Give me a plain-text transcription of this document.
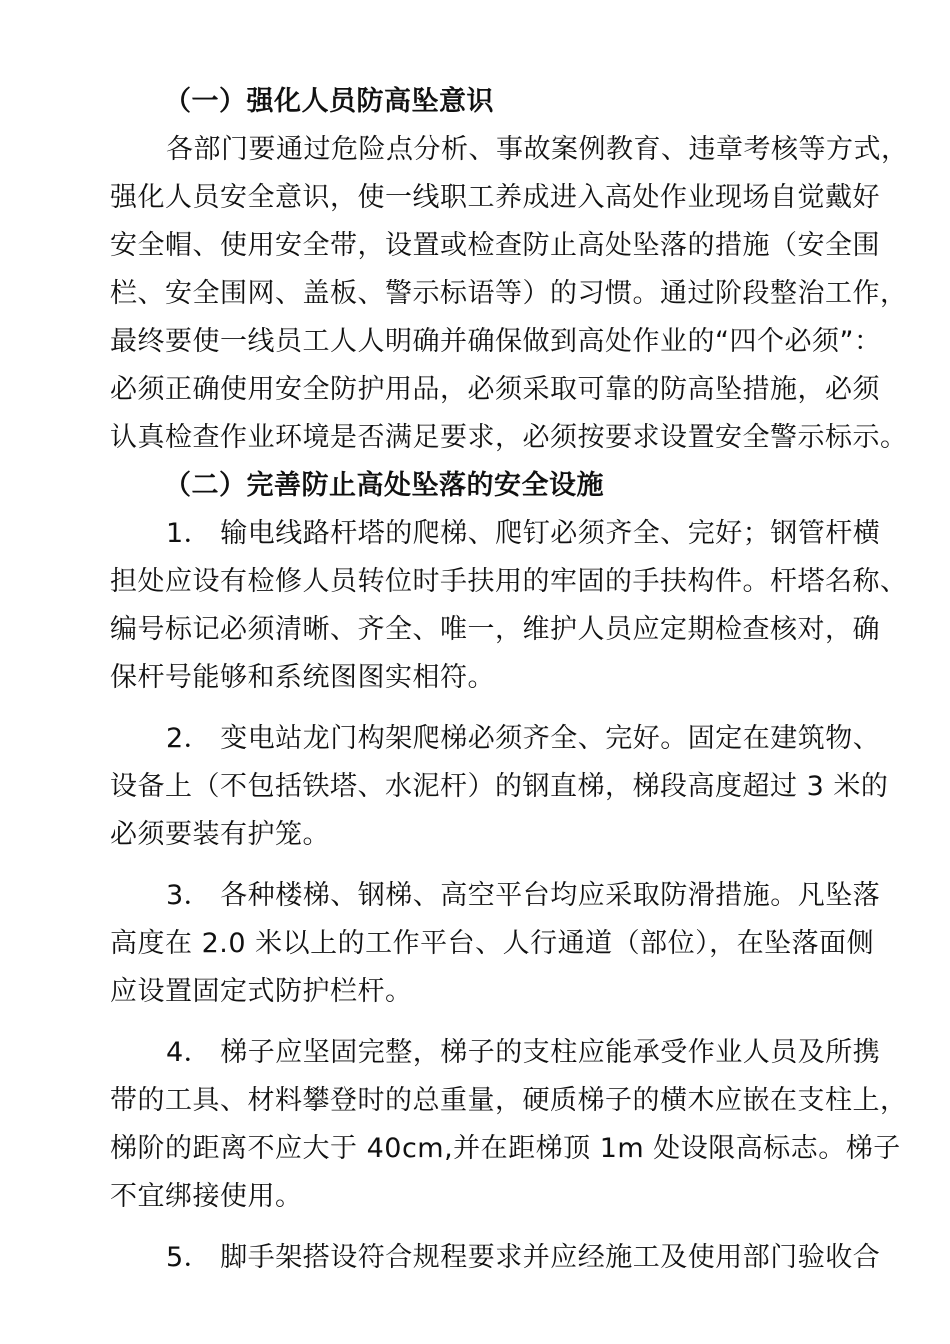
（一）强化人员防高坠意识
各部门要通过危险点分析、事故案例教育、违章考核等方式，
强化人员安全意识，使一线职工养成进入高处作业现场自觉戴好
安全帽、使用安全带，设置或检查防止高处坠落的措施（安全围
栏、安全围网、盖板、警示标语等）的习惯。通过阶段整治工作，
最终要使一线员工人人明确并确保做到高处作业的“四个必须”：
必须正确使用安全防护用品，必须采取可靠的防高坠措施，必须
认真检查作业环境是否满足要求，必须按要求设置安全警示标示。
（二）完善防止高处坠落的安全设施
1． 输电线路杆塔的爬梯、爬钉必须齐全、完好；钢管杆横
担处应设有检修人员转位时手扶用的牢固的手扶构件。杆塔名称、
编号标记必须清晰、齐全、唯一，维护人员应定期检查核对，确
保杆号能够和系统图图实相符。
2． 变电站龙门构架爬梯必须齐全、完好。固定在建筑物、
设备上（不包括铁塔、水泥杆）的钢直梯，梯段高度超过 3 米的
必须要装有护笼。
3． 各种楼梯、钢梯、高空平台均应采取防滑措施。凡坠落
高度在 2.0 米以上的工作平台、人行通道（部位），在坠落面侧
应设置固定式防护栏杆。
4． 梯子应坚固完整，梯子的支柱应能承受作业人员及所携
带的工具、材料攀登时的总重量，硬质梯子的横木应嵌在支柱上，
梯阶的距离不应大于 40cm,并在距梯顶 1m 处设限高标志。梯子
不宜绑接使用。
5． 脚手架搭设符合规程要求并应经施工及使用部门验收合
